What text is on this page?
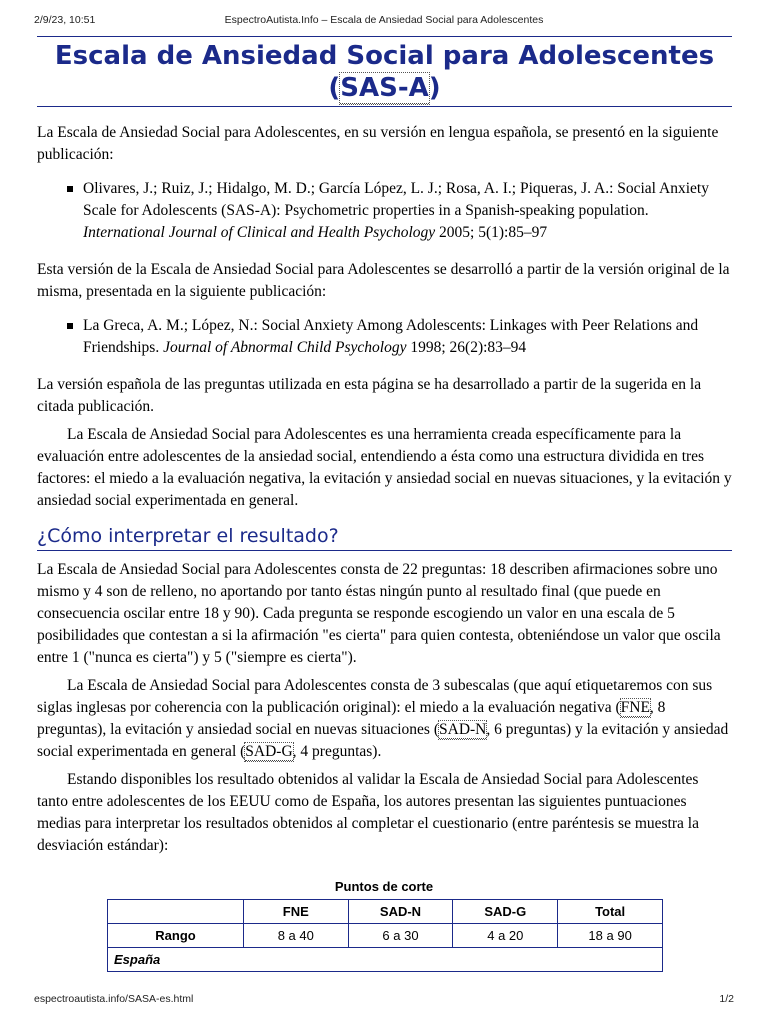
2/9/23, 10:51	EspectroAutista.Info – Escala de Ansiedad Social para Adolescentes
Escala de Ansiedad Social para Adolescentes (SAS-A)

La Escala de Ansiedad Social para Adolescentes, en su versión en lengua española, se presentó en la siguiente publicación:

Olivares, J.; Ruiz, J.; Hidalgo, M. D.; García López, L. J.; Rosa, A. I.; Piqueras, J. A.: Social Anxiety Scale for Adolescents (SAS-A): Psychometric properties in a Spanish-speaking population. International Journal of Clinical and Health Psychology 2005; 5(1):85–97

Esta versión de la Escala de Ansiedad Social para Adolescentes se desarrolló a partir de la versión original de la misma, presentada en la siguiente publicación:

La Greca, A. M.; López, N.: Social Anxiety Among Adolescents: Linkages with Peer Relations and Friendships. Journal of Abnormal Child Psychology 1998; 26(2):83–94

La versión española de las preguntas utilizada en esta página se ha desarrollado a partir de la sugerida en la citada publicación.

La Escala de Ansiedad Social para Adolescentes es una herramienta creada específicamente para la evaluación entre adolescentes de la ansiedad social, entendiendo a ésta como una estructura dividida en tres factores: el miedo a la evaluación negativa, la evitación y ansiedad social en nuevas situaciones, y la evitación y ansiedad social experimentada en general.

¿Cómo interpretar el resultado?

La Escala de Ansiedad Social para Adolescentes consta de 22 preguntas: 18 describen afirmaciones sobre uno mismo y 4 son de relleno, no aportando por tanto éstas ningún punto al resultado final (que puede en consecuencia oscilar entre 18 y 90). Cada pregunta se responde escogiendo un valor en una escala de 5 posibilidades que contestan a si la afirmación "es cierta" para quien contesta, obteniéndose un valor que oscila entre 1 ("nunca es cierta") y 5 ("siempre es cierta").

La Escala de Ansiedad Social para Adolescentes consta de 3 subescalas (que aquí etiquetaremos con sus siglas inglesas por coherencia con la publicación original): el miedo a la evaluación negativa (FNE, 8 preguntas), la evitación y ansiedad social en nuevas situaciones (SAD-N, 6 preguntas) y la evitación y ansiedad social experimentada en general (SAD-G, 4 preguntas).

Estando disponibles los resultado obtenidos al validar la Escala de Ansiedad Social para Adolescentes tanto entre adolescentes de los EEUU como de España, los autores presentan las siguientes puntuaciones medias para interpretar los resultados obtenidos al completar el cuestionario (entre paréntesis se muestra la desviación estándar):

Puntos de corte
	FNE	SAD-N	SAD-G	Total
Rango	8 a 40	6 a 30	4 a 20	18 a 90
España				
espectroautista.info/SASA-es.html	1/2
